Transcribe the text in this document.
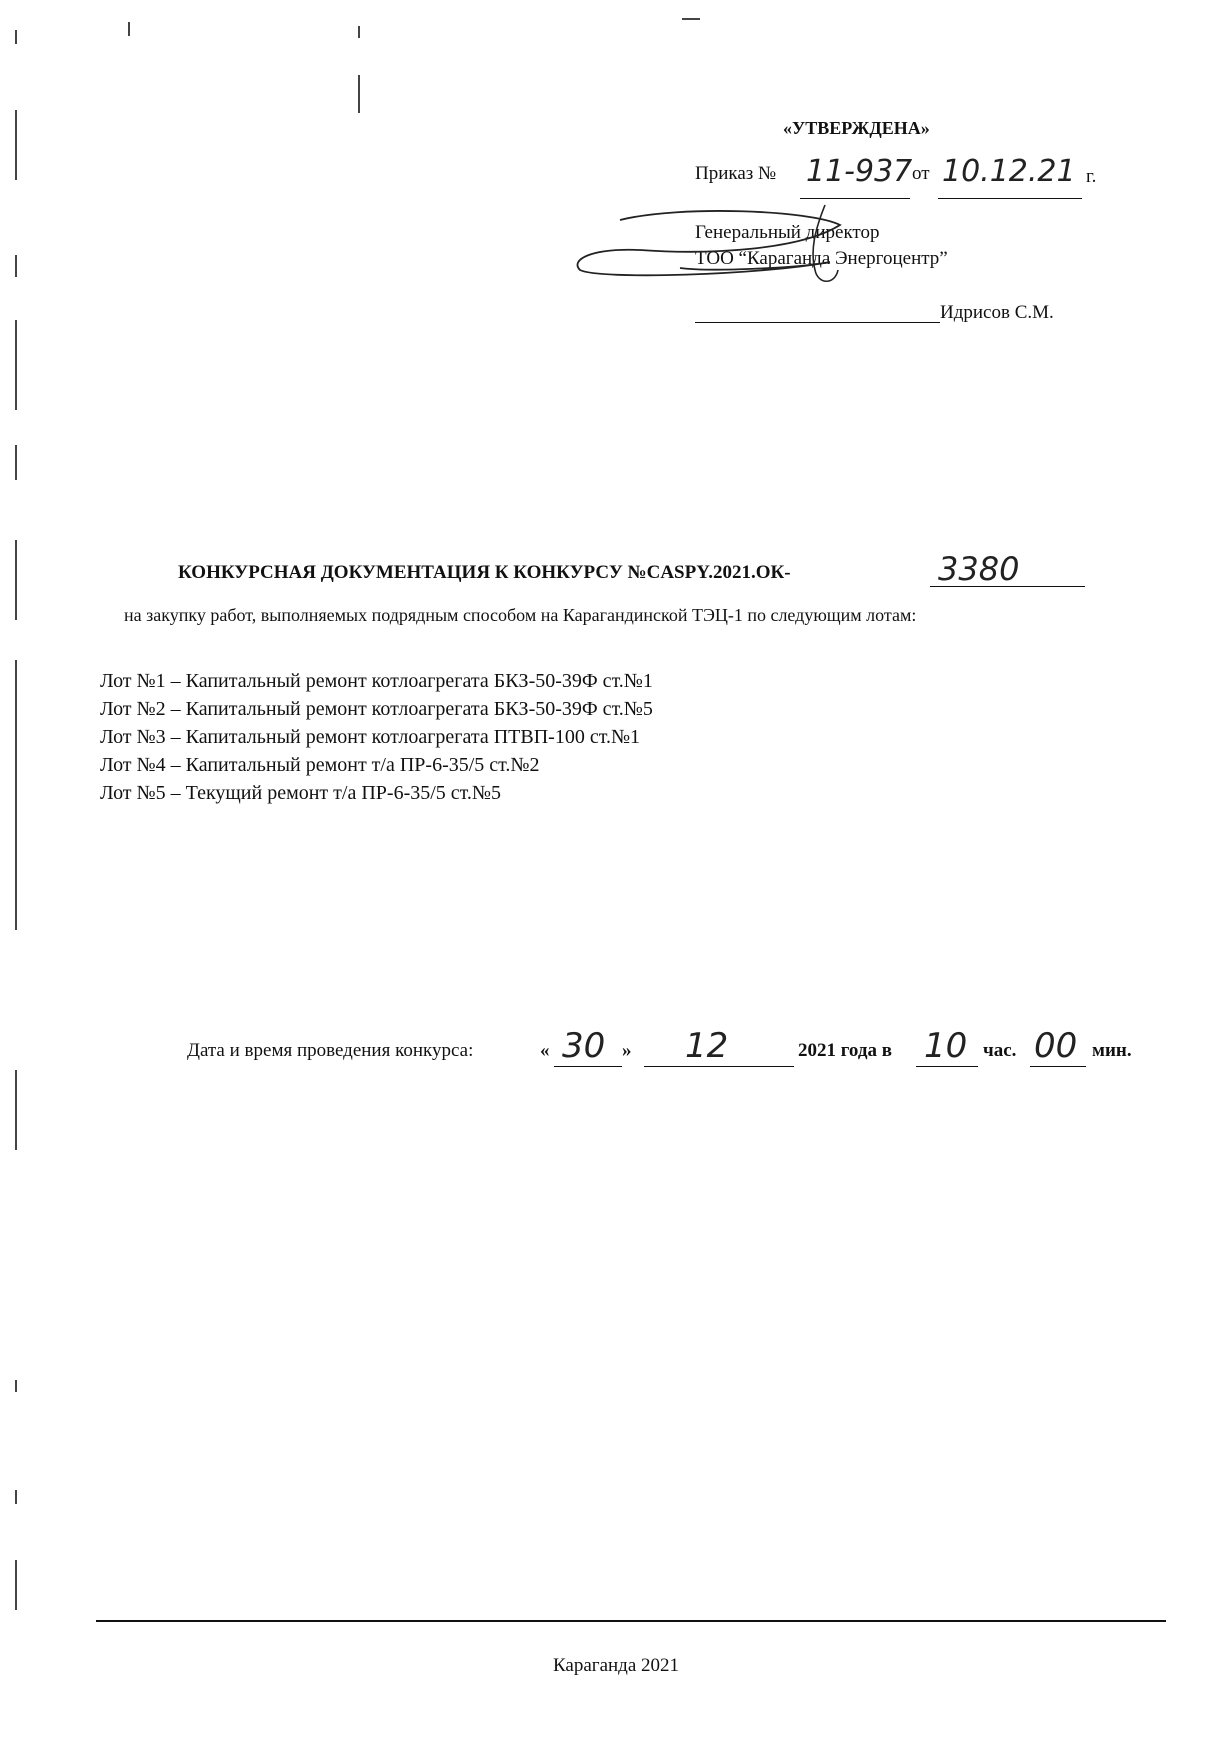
«УТВЕРЖДЕНА»
Приказ № 11-937 от 10.12.21 г.
Генеральный директор
ТОО “Караганда Энергоцентр”
Идрисов С.М.
КОНКУРСНАЯ ДОКУМЕНТАЦИЯ К КОНКУРСУ №CASPY.2021.ОК-	3380
на закупку работ, выполняемых подрядным способом на Карагандинской ТЭЦ-1 по следующим лотам:
Лот №1 – Капитальный ремонт котлоагрегата БКЗ-50-39Ф ст.№1
Лот №2 – Капитальный ремонт котлоагрегата БКЗ-50-39Ф ст.№5
Лот №3 – Капитальный ремонт котлоагрегата ПТВП-100 ст.№1
Лот №4 – Капитальный ремонт т/а ПР-6-35/5 ст.№2
Лот №5 – Текущий ремонт т/а ПР-6-35/5 ст.№5
Дата и время проведения конкурса:	« 30 » 12	2021 года в 10 час. 00 мин.
Караганда 2021
